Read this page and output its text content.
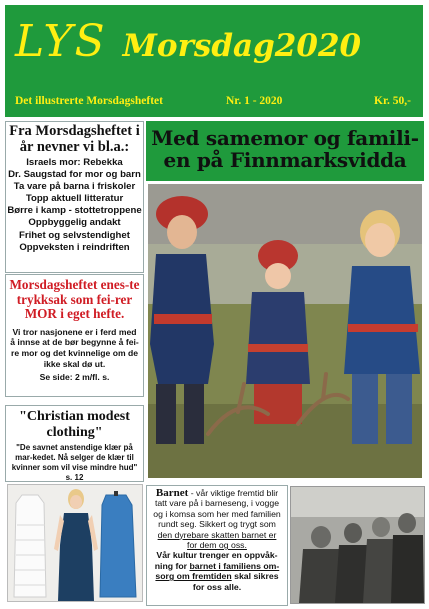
LYS Morsdag2020
Det illustrerte Morsdagsheftet	Nr. 1 - 2020	Kr. 50,-
Fra Morsdagsheftet i år nevner vi bl.a.:
Israels mor: Rebekka
Dr. Saugstad for mor og barn
Ta vare på barna i friskoler
Topp aktuell litteratur
Børre i kamp - stottetroppene
Oppbyggelig andakt
Frihet og selvstendighet
Oppveksten i reindriften
Morsdagsheftet enes-te trykksak som fei-rer MOR i eget hefte.
Vi tror nasjonene er i ferd med å innse at de bør begynne å fei-re mor og det kvinnelige om de ikke skal dø ut.
Se side: 2 m/fl. s.
"Christian modest clothing"
"De savnet anstendige klær på mar-kedet. Nå selger de klær til kvinner som vil vise mindre hud" s. 12
Med samemor og famili-en på Finnmarksvidda
Barnet - vår viktige fremtid blir tatt vare på i barneseng, i vogge og i komsa som her med familien rundt seg. Sikkert og trygt som den dyrebare skatten barnet er for dem og oss.
Vår kultur trenger en oppvåk-ning for barnet i familiens om-sorg om fremtiden skal sikres for oss alle.
